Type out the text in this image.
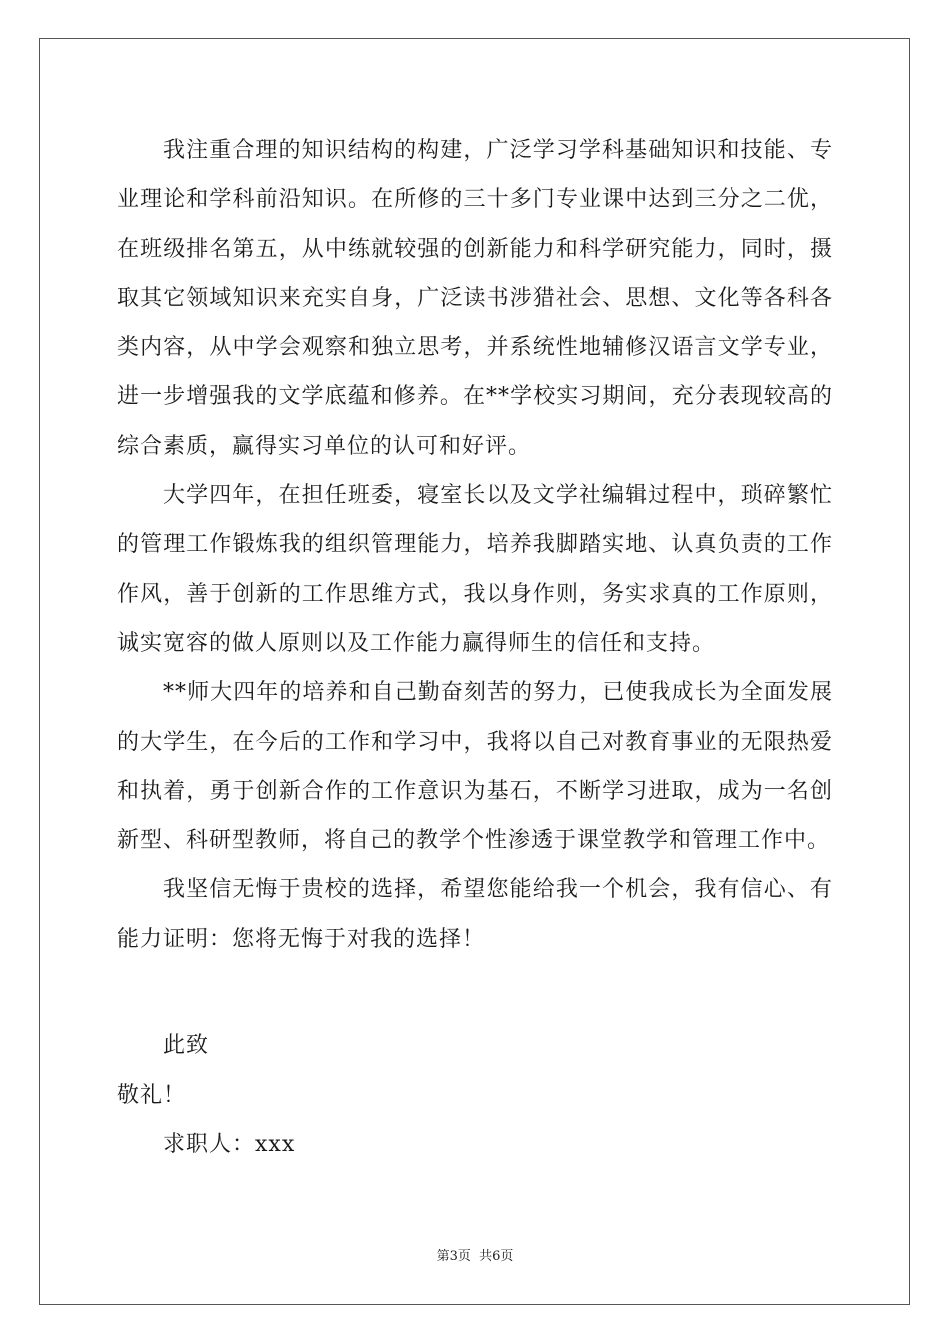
我注重合理的知识结构的构建，广泛学习学科基础知识和技能、专业理论和学科前沿知识。在所修的三十多门专业课中达到三分之二优，在班级排名第五，从中练就较强的创新能力和科学研究能力，同时，摄取其它领域知识来充实自身，广泛读书涉猎社会、思想、文化等各科各类内容，从中学会观察和独立思考，并系统性地辅修汉语言文学专业，进一步增强我的文学底蕴和修养。在**学校实习期间，充分表现较高的综合素质，赢得实习单位的认可和好评。

大学四年，在担任班委，寝室长以及文学社编辑过程中，琐碎繁忙的管理工作锻炼我的组织管理能力，培养我脚踏实地、认真负责的工作作风，善于创新的工作思维方式，我以身作则，务实求真的工作原则，诚实宽容的做人原则以及工作能力赢得师生的信任和支持。

**师大四年的培养和自己勤奋刻苦的努力，已使我成长为全面发展的大学生，在今后的工作和学习中，我将以自己对教育事业的无限热爱和执着，勇于创新合作的工作意识为基石，不断学习进取，成为一名创新型、科研型教师，将自己的教学个性渗透于课堂教学和管理工作中。

我坚信无悔于贵校的选择，希望您能给我一个机会，我有信心、有能力证明：您将无悔于对我的选择！

此致

敬礼！

求职人：xxx

第3页 共6页
